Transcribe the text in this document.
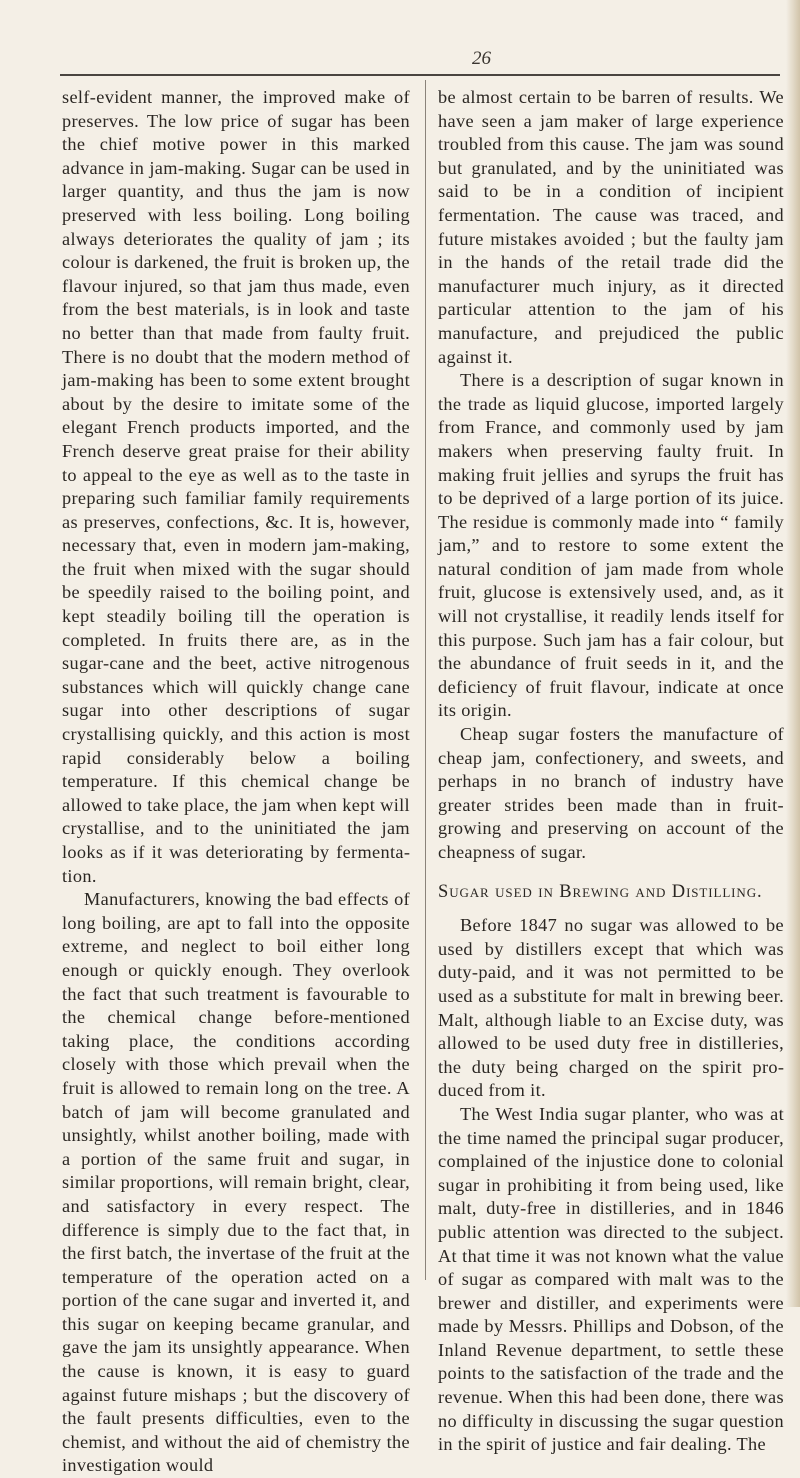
26

self-evident manner, the improved make of preserves. The low price of sugar has been the chief motive power in this marked advance in jam-making. Sugar can be used in larger quantity, and thus the jam is now preserved with less boiling. Long boiling always deteriorates the quality of jam ; its colour is darkened, the fruit is broken up, the flavour injured, so that jam thus made, even from the best materials, is in look and taste no better than that made from faulty fruit. There is no doubt that the modern method of jam-making has been to some extent brought about by the desire to imitate some of the elegant French products imported, and the French deserve great praise for their ability to appeal to the eye as well as to the taste in preparing such familiar family requirements as preserves, confections, &c. It is, however, necessary that, even in modern jam-making, the fruit when mixed with the sugar should be speedily raised to the boiling point, and kept steadily boiling till the operation is completed. In fruits there are, as in the sugar-cane and the beet, active nitrogenous substances which will quickly change cane sugar into other descriptions of sugar crystallising quickly, and this action is most rapid considerably below a boiling temperature. If this chemical change be allowed to take place, the jam when kept will crystallise, and to the uninitiated the jam looks as if it was deteriorating by fermentation.

Manufacturers, knowing the bad effects of long boiling, are apt to fall into the opposite extreme, and neglect to boil either long enough or quickly enough. They overlook the fact that such treatment is favourable to the chemical change before-mentioned taking place, the conditions according closely with those which prevail when the fruit is allowed to remain long on the tree. A batch of jam will become granulated and unsightly, whilst another boiling, made with a portion of the same fruit and sugar, in similar proportions, will remain bright, clear, and satisfactory in every respect. The difference is simply due to the fact that, in the first batch, the invertase of the fruit at the temperature of the operation acted on a portion of the cane sugar and inverted it, and this sugar on keeping became granular, and gave the jam its unsightly appearance. When the cause is known, it is easy to guard against future mishaps ; but the discovery of the fault presents difficulties, even to the chemist, and without the aid of chemistry the investigation would

be almost certain to be barren of results. We have seen a jam maker of large experience troubled from this cause. The jam was sound but granulated, and by the uninitiated was said to be in a condition of incipient fermentation. The cause was traced, and future mistakes avoided ; but the faulty jam in the hands of the retail trade did the manufacturer much injury, as it directed particular attention to the jam of his manufacture, and prejudiced the public against it.

There is a description of sugar known in the trade as liquid glucose, imported largely from France, and commonly used by jam makers when preserving faulty fruit. In making fruit jellies and syrups the fruit has to be deprived of a large portion of its juice. The residue is commonly made into “ family jam,” and to restore to some extent the natural condition of jam made from whole fruit, glucose is extensively used, and, as it will not crystallise, it readily lends itself for this purpose. Such jam has a fair colour, but the abundance of fruit seeds in it, and the deficiency of fruit flavour, indicate at once its origin.

Cheap sugar fosters the manufacture of cheap jam, confectionery, and sweets, and perhaps in no branch of industry have greater strides been made than in fruit-growing and preserving on account of the cheapness of sugar.

Sugar used in Brewing and Distilling.

Before 1847 no sugar was allowed to be used by distillers except that which was duty-paid, and it was not permitted to be used as a substitute for malt in brewing beer. Malt, although liable to an Excise duty, was allowed to be used duty free in distilleries, the duty being charged on the spirit produced from it.

The West India sugar planter, who was at the time named the principal sugar producer, complained of the injustice done to colonial sugar in prohibiting it from being used, like malt, duty-free in distilleries, and in 1846 public attention was directed to the subject. At that time it was not known what the value of sugar as compared with malt was to the brewer and distiller, and experiments were made by Messrs. Phillips and Dobson, of the Inland Revenue department, to settle these points to the satisfaction of the trade and the revenue. When this had been done, there was no difficulty in discussing the sugar question in the spirit of justice and fair dealing. The
